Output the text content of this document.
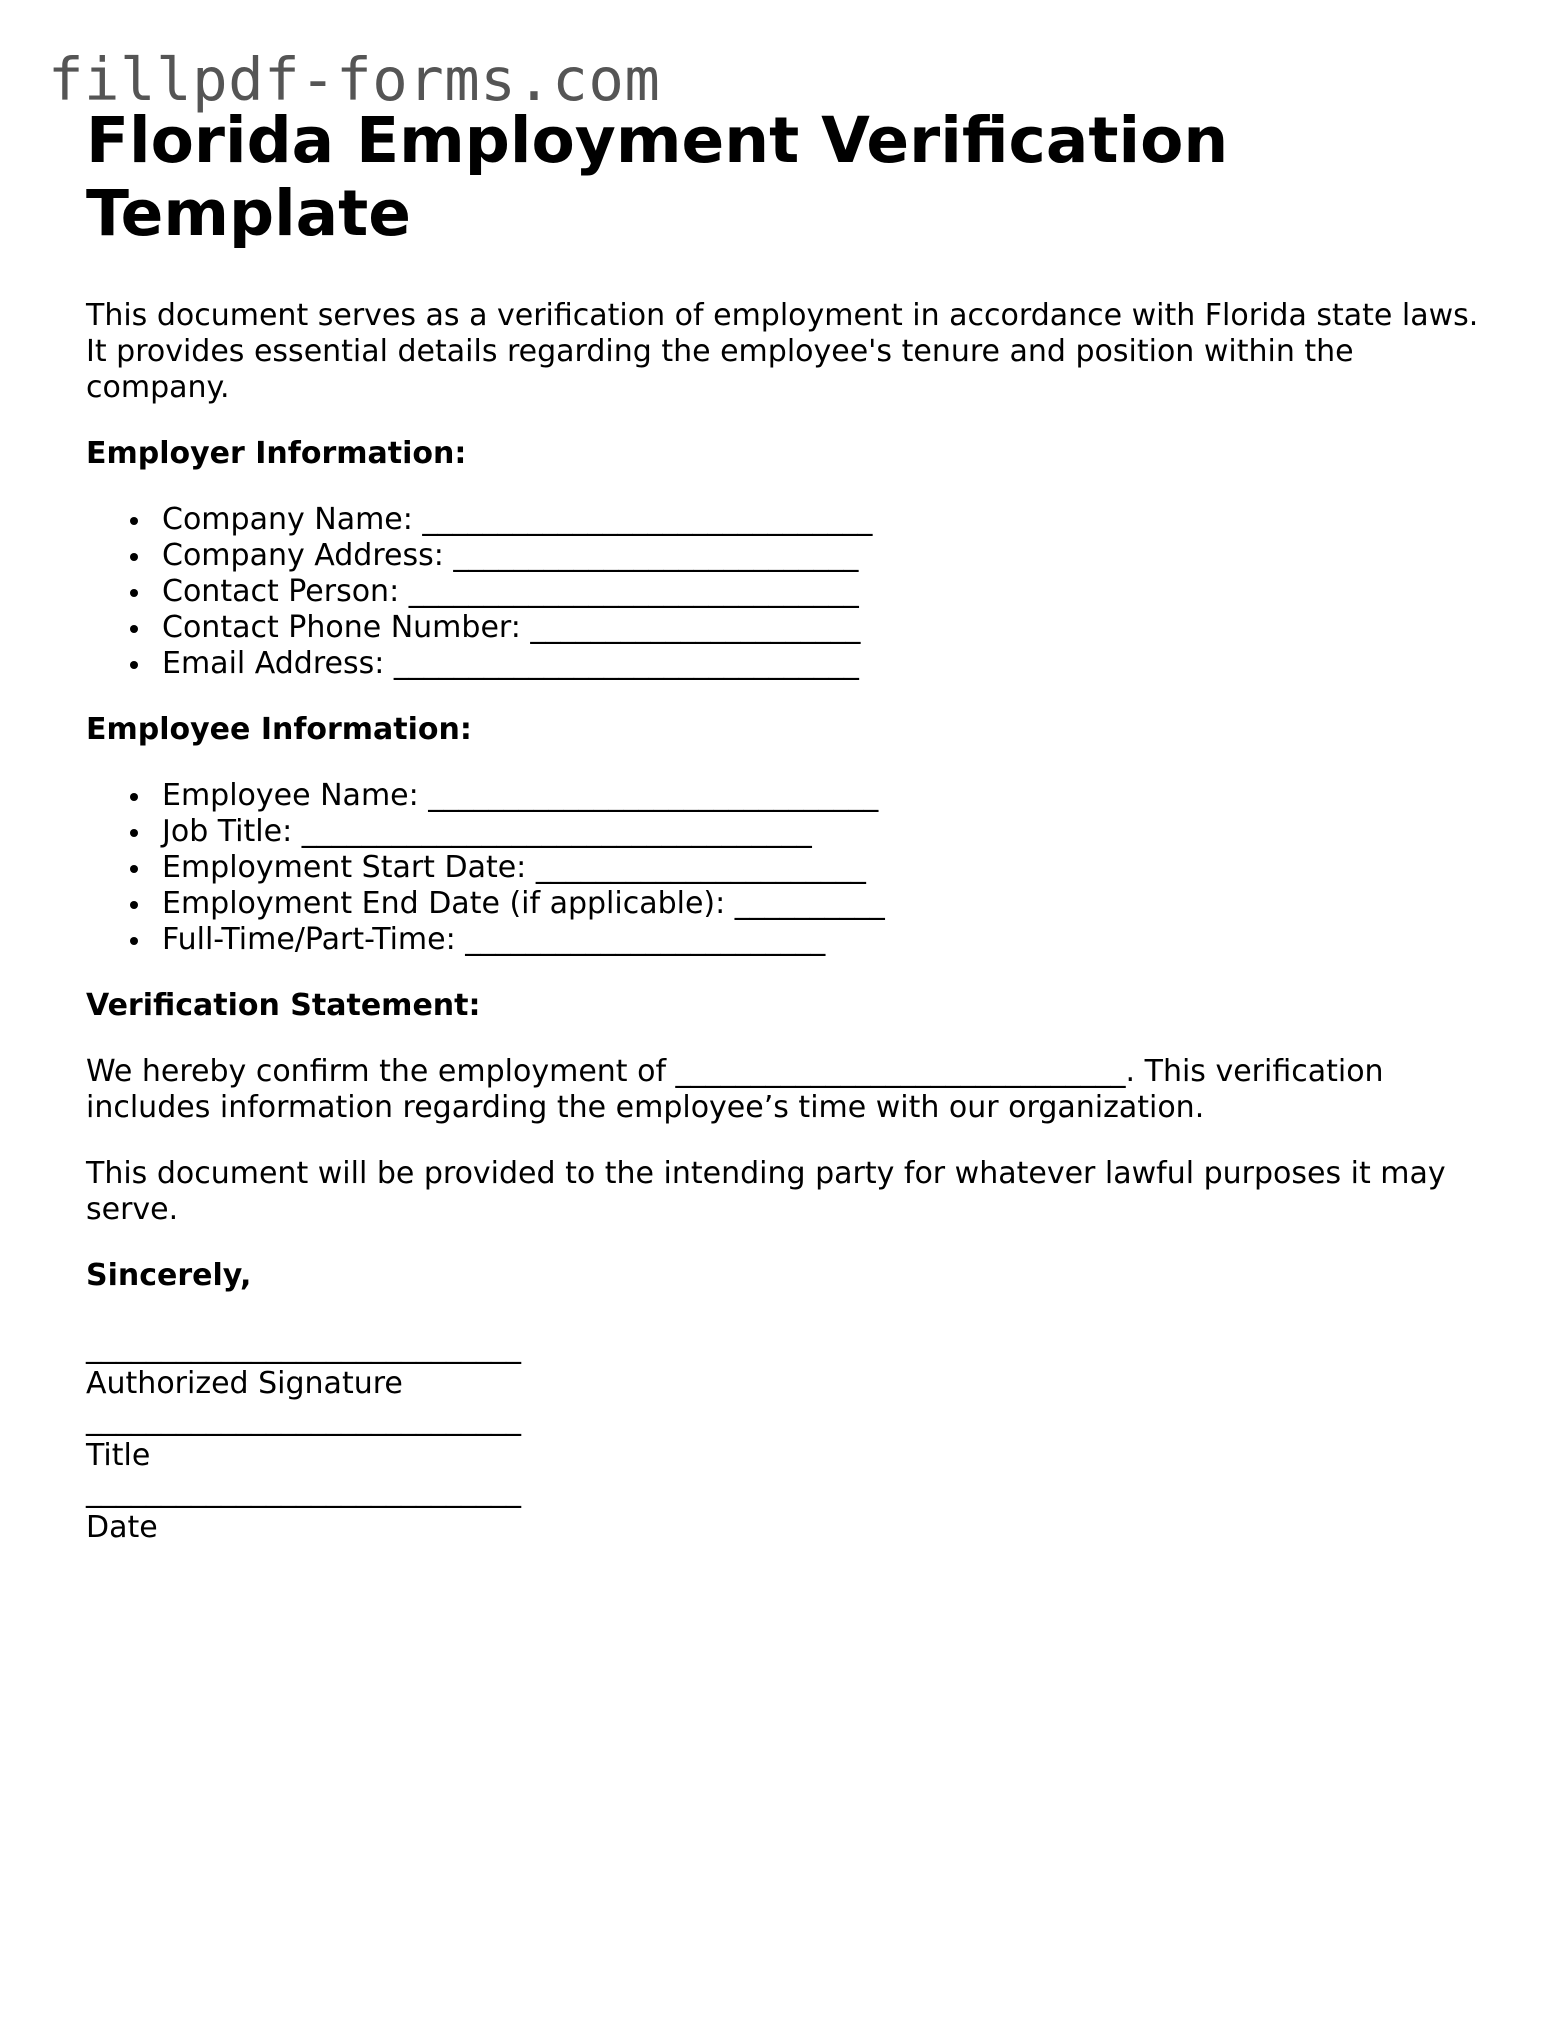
fillpdf-forms.com
Florida Employment Verification Template

This document serves as a verification of employment in accordance with Florida state laws. It provides essential details regarding the employee's tenure and position within the company.

Employer Information:
Company Name: ______________________________
Company Address: ___________________________
Contact Person: ______________________________
Contact Phone Number: ______________________
Email Address: _______________________________
Employee Information:
Employee Name: ______________________________
Job Title: __________________________________
Employment Start Date: ______________________
Employment End Date (if applicable): __________
Full-Time/Part-Time: ________________________
Verification Statement:

We hereby confirm the employment of ______________________________. This verification includes information regarding the employee’s time with our organization.

This document will be provided to the intending party for whatever lawful purposes it may serve.

Sincerely,
_____________________________
Authorized Signature
_____________________________
Title
_____________________________
Date
